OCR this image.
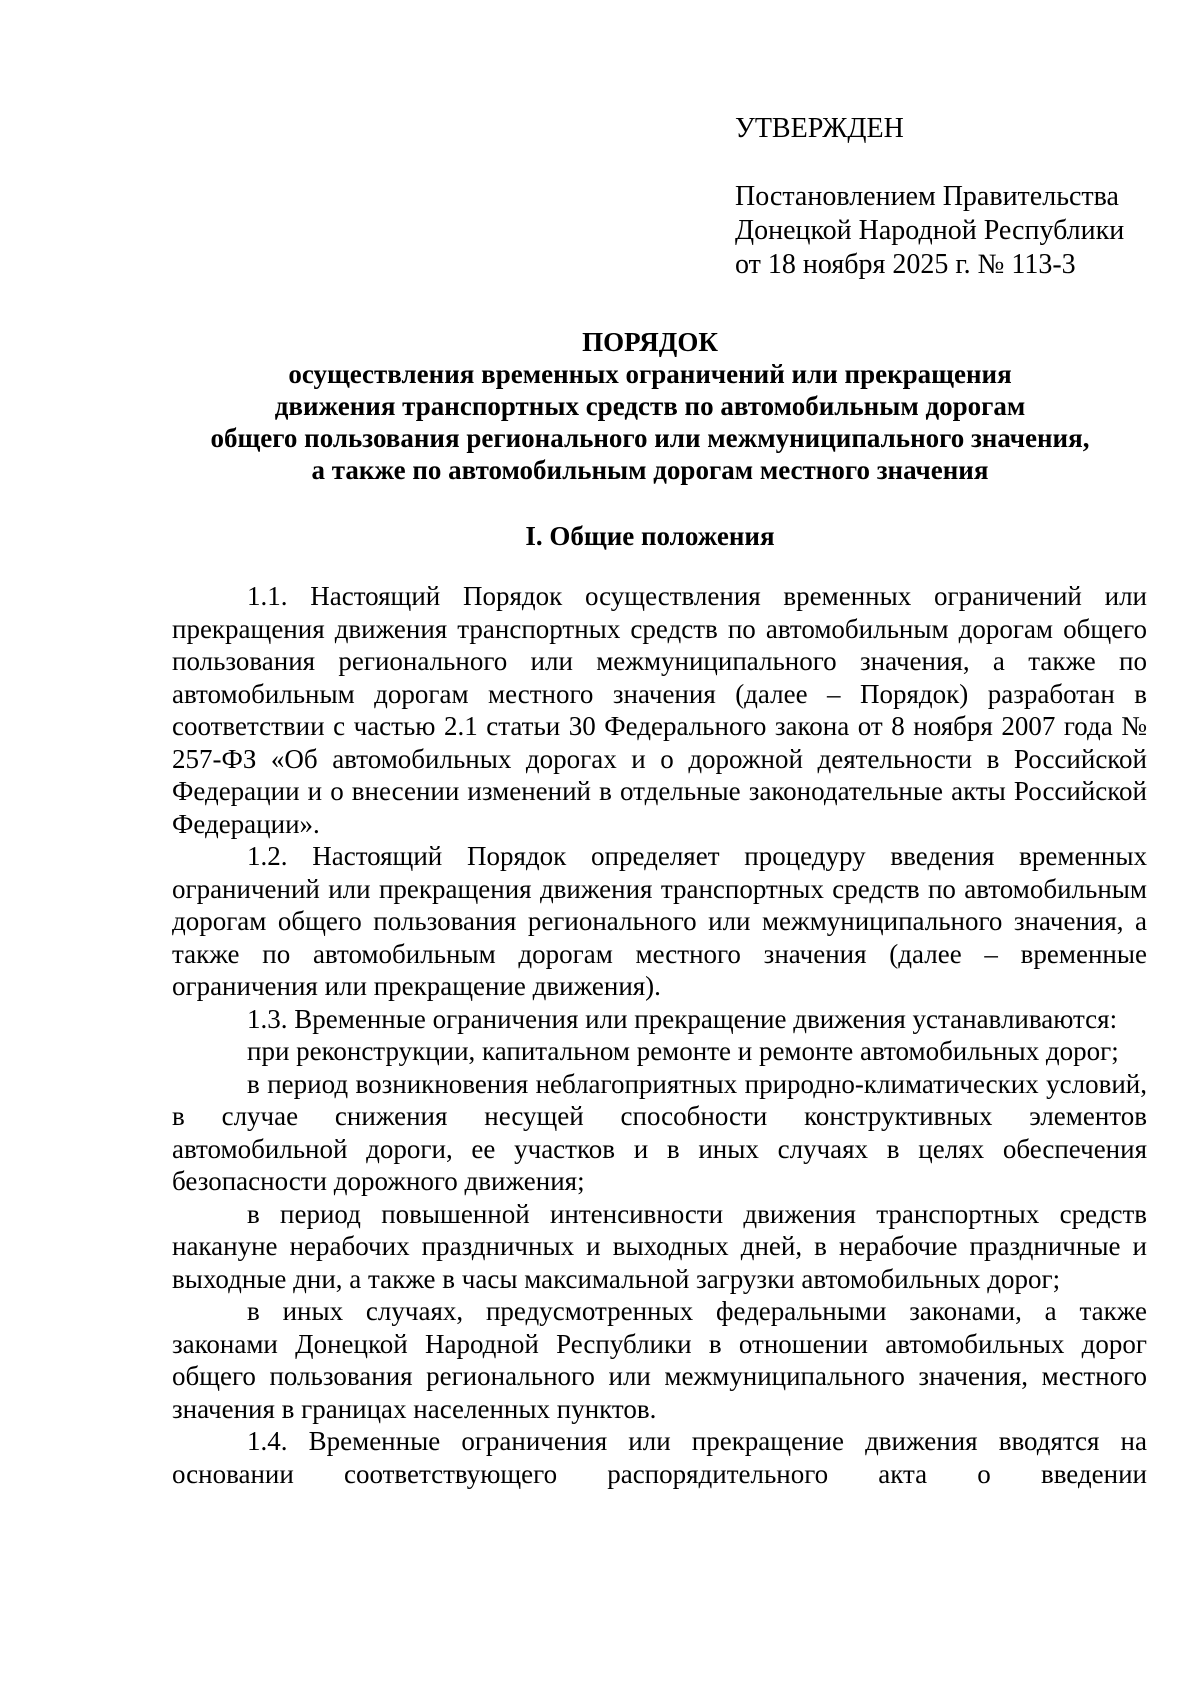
УТВЕРЖДЕН
Постановлением Правительства
Донецкой Народной Республики
от 18 ноября 2025 г. № 113-3
ПОРЯДОК
осуществления временных ограничений или прекращения
движения транспортных средств по автомобильным дорогам
общего пользования регионального или межмуниципального значения,
а также по автомобильным дорогам местного значения
I. Общие положения

1.1. Настоящий Порядок осуществления временных ограничений или прекращения движения транспортных средств по автомобильным дорогам общего пользования регионального или межмуниципального значения, а также по автомобильным дорогам местного значения (далее – Порядок) разработан в соответствии с частью 2.1 статьи 30 Федерального закона от 8 ноября 2007 года № 257-ФЗ «Об автомобильных дорогах и о дорожной деятельности в Российской Федерации и о внесении изменений в отдельные законодательные акты Российской Федерации».

1.2. Настоящий Порядок определяет процедуру введения временных ограничений или прекращения движения транспортных средств по автомобильным дорогам общего пользования регионального или межмуниципального значения, а также по автомобильным дорогам местного значения (далее – временные ограничения или прекращение движения).

1.3. Временные ограничения или прекращение движения устанавливаются:

при реконструкции, капитальном ремонте и ремонте автомобильных дорог;

в период возникновения неблагоприятных природно-климатических условий, в случае снижения несущей способности конструктивных элементов автомобильной дороги, ее участков и в иных случаях в целях обеспечения безопасности дорожного движения;

в период повышенной интенсивности движения транспортных средств накануне нерабочих праздничных и выходных дней, в нерабочие праздничные и выходные дни, а также в часы максимальной загрузки автомобильных дорог;

в иных случаях, предусмотренных федеральными законами, а также законами Донецкой Народной Республики в отношении автомобильных дорог общего пользования регионального или межмуниципального значения, местного значения в границах населенных пунктов.

1.4. Временные ограничения или прекращение движения вводятся на основании соответствующего распорядительного акта о введении
